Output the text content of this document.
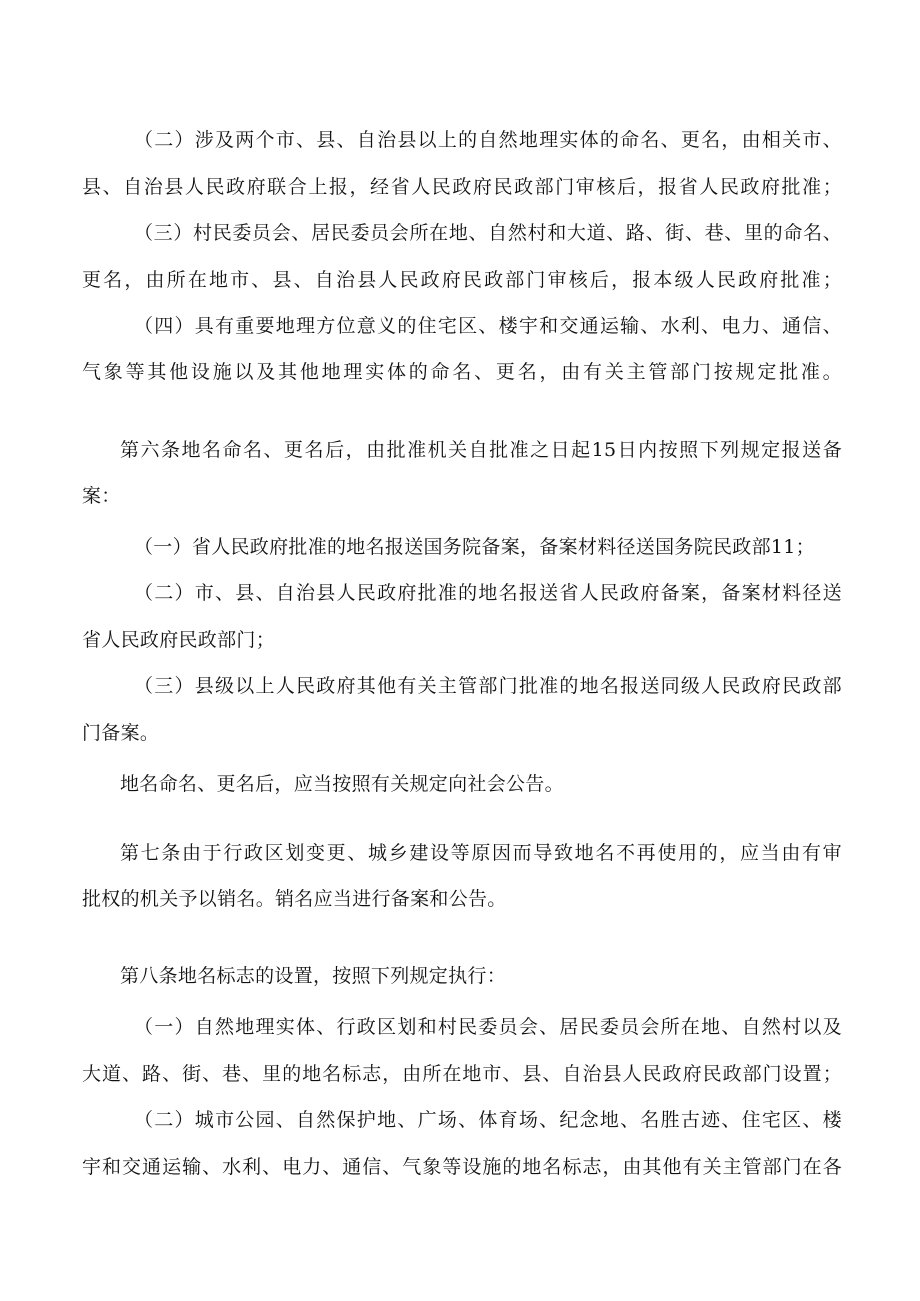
（二）涉及两个市、县、自治县以上的自然地理实体的命名、更名，由相关市、
县、自治县人民政府联合上报，经省人民政府民政部门审核后，报省人民政府批准；
（三）村民委员会、居民委员会所在地、自然村和大道、路、街、巷、里的命名、
更名，由所在地市、县、自治县人民政府民政部门审核后，报本级人民政府批准；
（四）具有重要地理方位意义的住宅区、楼宇和交通运输、水利、电力、通信、
气象等其他设施以及其他地理实体的命名、更名，由有关主管部门按规定批准。
第六条地名命名、更名后，由批准机关自批准之日起15日内按照下列规定报送备
案：
（一）省人民政府批准的地名报送国务院备案，备案材料径送国务院民政部11；
（二）市、县、自治县人民政府批准的地名报送省人民政府备案，备案材料径送
省人民政府民政部门；
（三）县级以上人民政府其他有关主管部门批准的地名报送同级人民政府民政部
门备案。
地名命名、更名后，应当按照有关规定向社会公告。
第七条由于行政区划变更、城乡建设等原因而导致地名不再使用的，应当由有审
批权的机关予以销名。销名应当进行备案和公告。
第八条地名标志的设置，按照下列规定执行：
（一）自然地理实体、行政区划和村民委员会、居民委员会所在地、自然村以及
大道、路、街、巷、里的地名标志，由所在地市、县、自治县人民政府民政部门设置；
（二）城市公园、自然保护地、广场、体育场、纪念地、名胜古迹、住宅区、楼
宇和交通运输、水利、电力、通信、气象等设施的地名标志，由其他有关主管部门在各
